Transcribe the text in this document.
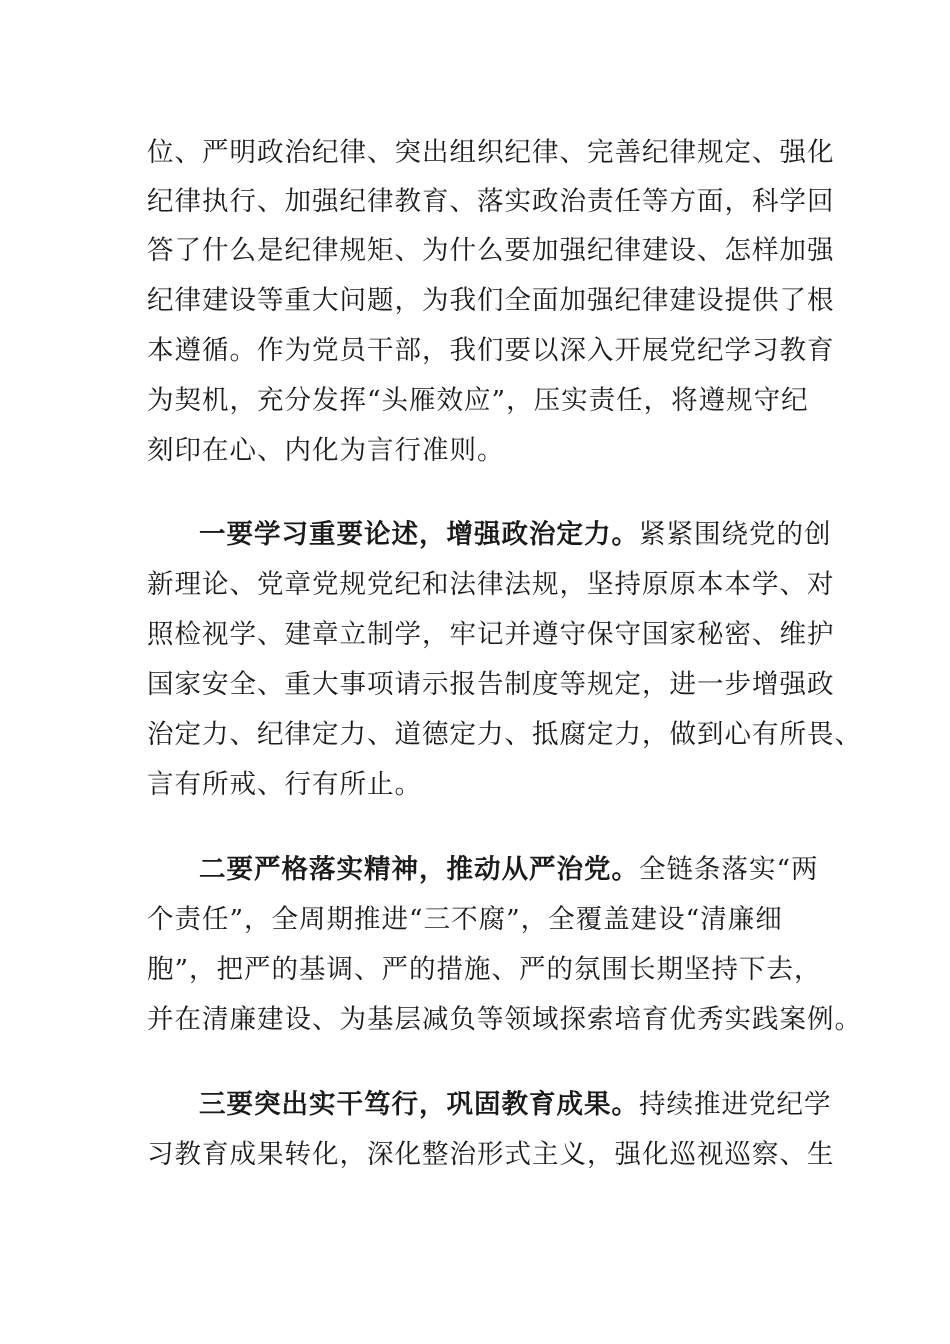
位、严明政治纪律、突出组织纪律、完善纪律规定、强化
纪律执行、加强纪律教育、落实政治责任等方面，科学回
答了什么是纪律规矩、为什么要加强纪律建设、怎样加强
纪律建设等重大问题，为我们全面加强纪律建设提供了根
本遵循。作为党员干部，我们要以深入开展党纪学习教育
为契机，充分发挥“头雁效应”，压实责任，将遵规守纪
刻印在心、内化为言行准则。
一要学习重要论述，增强政治定力。紧紧围绕党的创
新理论、党章党规党纪和法律法规，坚持原原本本学、对
照检视学、建章立制学，牢记并遵守保守国家秘密、维护
国家安全、重大事项请示报告制度等规定，进一步增强政
治定力、纪律定力、道德定力、抵腐定力，做到心有所畏、
言有所戒、行有所止。
二要严格落实精神，推动从严治党。全链条落实“两
个责任”，全周期推进“三不腐”，全覆盖建设“清廉细
胞”，把严的基调、严的措施、严的氛围长期坚持下去，
并在清廉建设、为基层减负等领域探索培育优秀实践案例。
三要突出实干笃行，巩固教育成果。持续推进党纪学
习教育成果转化，深化整治形式主义，强化巡视巡察、生
